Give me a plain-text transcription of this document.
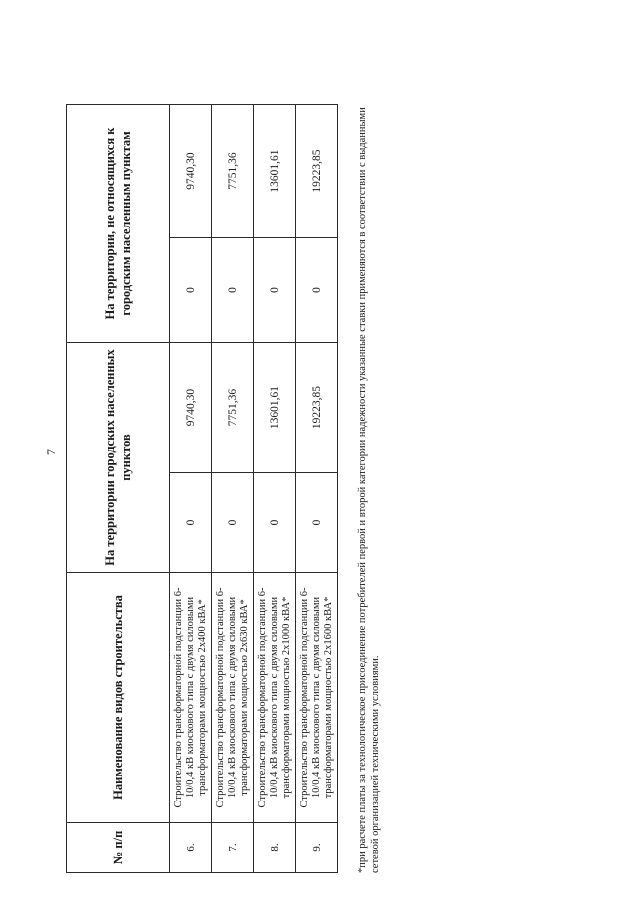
7
№ п/п	Наименование видов строительства	На территории городских населенных пунктов		На территории, не относящихся к городским населенным пунктам	
6.	Строительство трансформаторной подстанции 6-10/0,4 кВ киоскового типа с двумя силовыми трансформаторами мощностью 2х400 кВА*	0	9740,30	0	9740,30
7.	Строительство трансформаторной подстанции 6-10/0,4 кВ киоскового типа с двумя силовыми трансформаторами мощностью 2х630 кВА*	0	7751,36	0	7751,36
8.	Строительство трансформаторной подстанции 6-10/0,4 кВ киоскового типа с двумя силовыми трансформаторами мощностью 2х1000 кВА*	0	13601,61	0	13601,61
9.	Строительство трансформаторной подстанции 6-10/0,4 кВ киоскового типа с двумя силовыми трансформаторами мощностью 2х1600 кВА*	0	19223,85	0	19223,85	*при расчете платы за технологическое присоединение потребителей первой и второй категории надежности указанные ставки применяются в соответствии с выданными сетевой организацией техническими условиями.
